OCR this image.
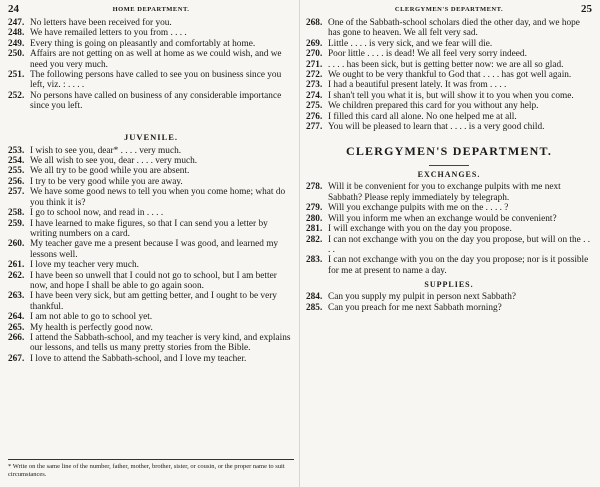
24	HOME DEPARTMENT.
247. No letters have been received for you.
248. We have remailed letters to you from . . . .
249. Every thing is going on pleasantly and comfortably at home.
250. Affairs are not getting on as well at home as we could wish, and we need you very much.
251. The following persons have called to see you on business since you left, viz. : . . . .
252. No persons have called on business of any considerable importance since you left.
JUVENILE.
253. I wish to see you, dear* . . . . very much.
254. We all wish to see you, dear . . . . very much.
255. We all try to be good while you are absent.
256. I try to be very good while you are away.
257. We have some good news to tell you when you come home; what do you think it is?
258. I go to school now, and read in . . . .
259. I have learned to make figures, so that I can send you a letter by writing numbers on a card.
260. My teacher gave me a present because I was good, and learned my lessons well.
261. I love my teacher very much.
262. I have been so unwell that I could not go to school, but I am better now, and hope I shall be able to go again soon.
263. I have been very sick, but am getting better, and I ought to be very thankful.
264. I am not able to go to school yet.
265. My health is perfectly good now.
266. I attend the Sabbath-school, and my teacher is very kind, and explains our lessons, and tells us many pretty stories from the Bible.
267. I love to attend the Sabbath-school, and I love my teacher.
* Write on the same line of the number, father, mother, brother, sister, or cousin, or the proper name to suit circumstances.
CLERGYMEN'S DEPARTMENT.	25
268. One of the Sabbath-school scholars died the other day, and we hope has gone to heaven. We all felt very sad.
269. Little . . . . is very sick, and we fear will die.
270. Poor little . . . . is dead! We all feel very sorry indeed.
271. . . . . has been sick, but is getting better now: we are all so glad.
272. We ought to be very thankful to God that . . . . has got well again.
273. I had a beautiful present lately. It was from . . . .
274. I shan't tell you what it is, but will show it to you when you come.
275. We children prepared this card for you without any help.
276. I filled this card all alone. No one helped me at all.
277. You will be pleased to learn that . . . . is a very good child.
CLERGYMEN'S DEPARTMENT.
EXCHANGES.
278. Will it be convenient for you to exchange pulpits with me next Sabbath? Please reply immediately by telegraph.
279. Will you exchange pulpits with me on the . . . . ?
280. Will you inform me when an exchange would be convenient?
281. I will exchange with you on the day you propose.
282. I can not exchange with you on the day you propose, but will on the . . . .
283. I can not exchange with you on the day you propose; nor is it possible for me at present to name a day.
SUPPLIES.
284. Can you supply my pulpit in person next Sabbath?
285. Can you preach for me next Sabbath morning?
